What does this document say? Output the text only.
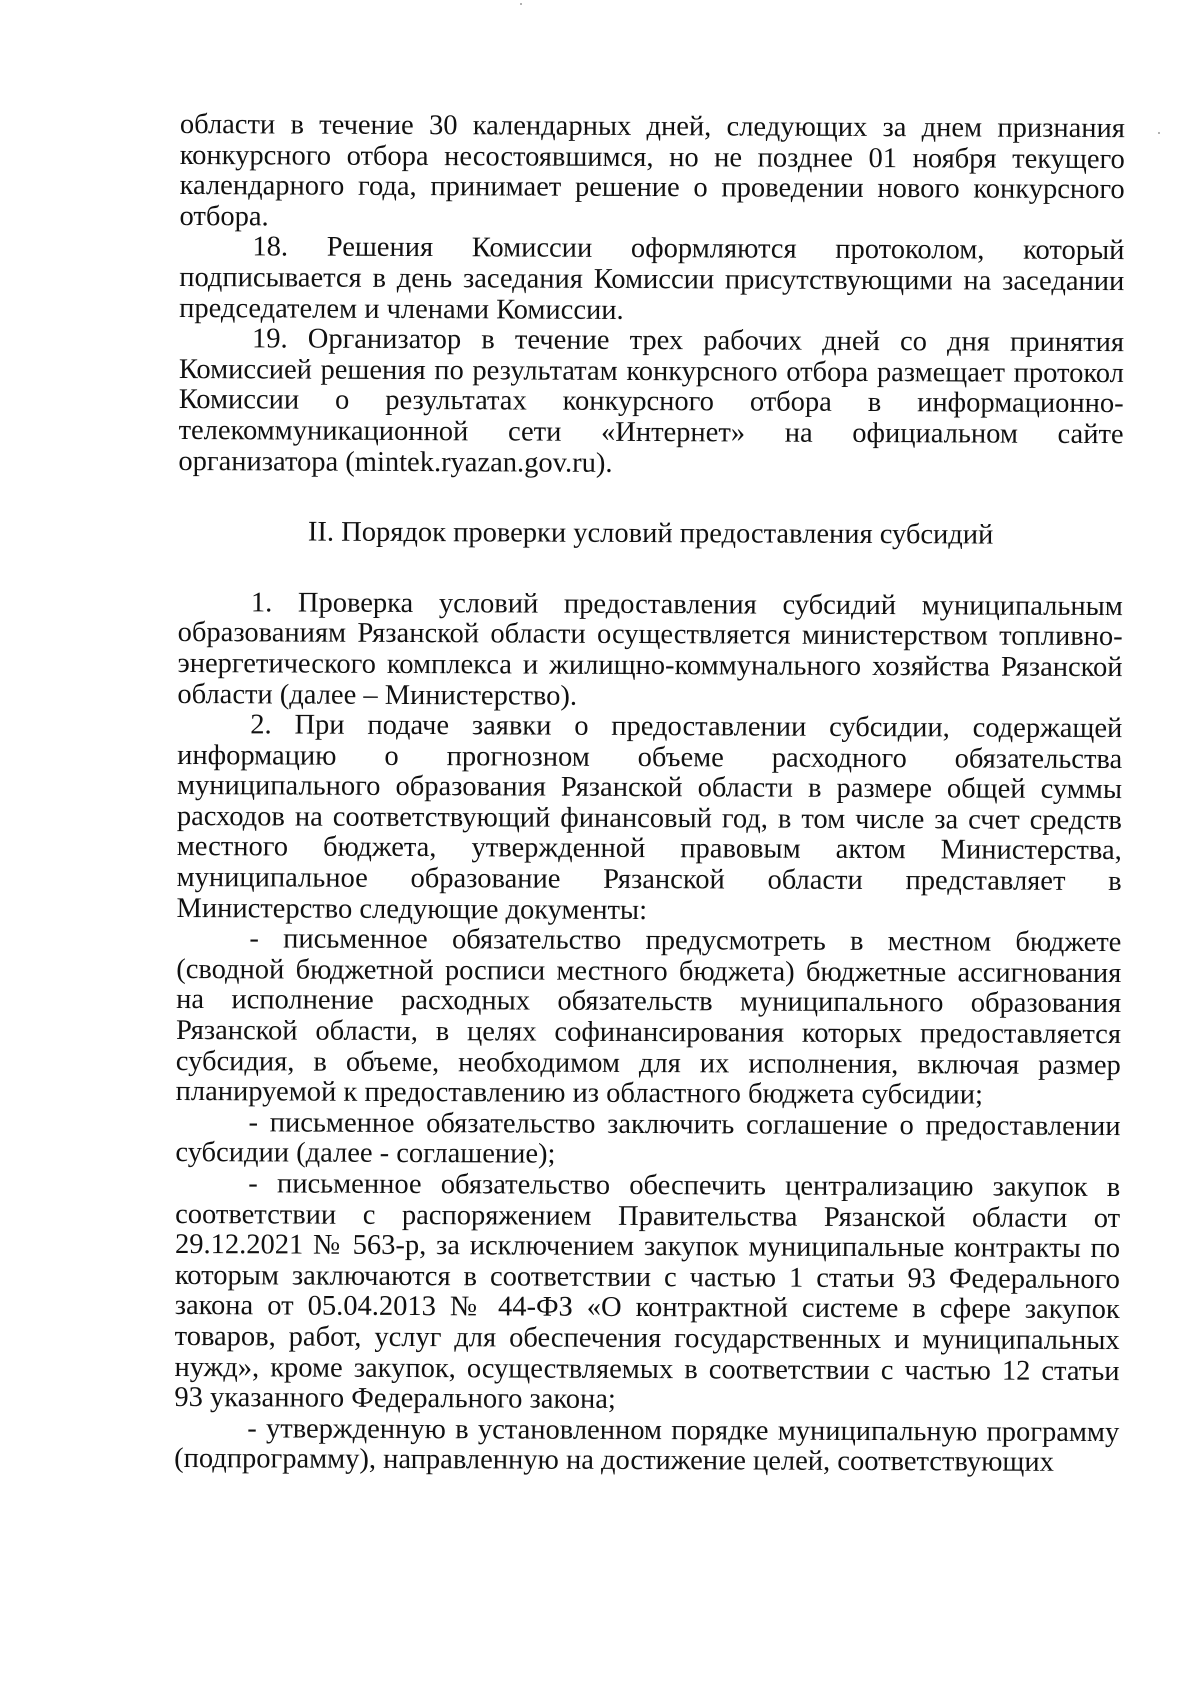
области в течение 30 календарных дней, следующих за днем признания конкурсного отбора несостоявшимся, но не позднее 01 ноября текущего календарного года, принимает решение о проведении нового конкурсного отбора.

18. Решения Комиссии оформляются протоколом, который подписывается в день заседания Комиссии присутствующими на заседании председателем и членами Комиссии.

19. Организатор в течение трех рабочих дней со дня принятия Комиссией решения по результатам конкурсного отбора размещает протокол Комиссии о результатах конкурсного отбора в информационно-телекоммуникационной сети «Интернет» на официальном сайте организатора (mintek.ryazan.gov.ru).

II. Порядок проверки условий предоставления субсидий

1. Проверка условий предоставления субсидий муниципальным образованиям Рязанской области осуществляется министерством топливно-энергетического комплекса и жилищно-коммунального хозяйства Рязанской области (далее – Министерство).

2. При подаче заявки о предоставлении субсидии, содержащей информацию о прогнозном объеме расходного обязательства муниципального образования Рязанской области в размере общей суммы расходов на соответствующий финансовый год, в том числе за счет средств местного бюджета, утвержденной правовым актом Министерства, муниципальное образование Рязанской области представляет в Министерство следующие документы:

- письменное обязательство предусмотреть в местном бюджете (сводной бюджетной росписи местного бюджета) бюджетные ассигнования на исполнение расходных обязательств муниципального образования Рязанской области, в целях софинансирования которых предоставляется субсидия, в объеме, необходимом для их исполнения, включая размер планируемой к предоставлению из областного бюджета субсидии;

- письменное обязательство заключить соглашение о предоставлении субсидии (далее - соглашение);

- письменное обязательство обеспечить централизацию закупок в соответствии с распоряжением Правительства Рязанской области от 29.12.2021 № 563-р, за исключением закупок муниципальные контракты по которым заключаются в соответствии с частью 1 статьи 93 Федерального закона от 05.04.2013 № 44-ФЗ «О контрактной системе в сфере закупок товаров, работ, услуг для обеспечения государственных и муниципальных нужд», кроме закупок, осуществляемых в соответствии с частью 12 статьи 93 указанного Федерального закона;

- утвержденную в установленном порядке муниципальную программу (подпрограмму), направленную на достижение целей, соответствующих
